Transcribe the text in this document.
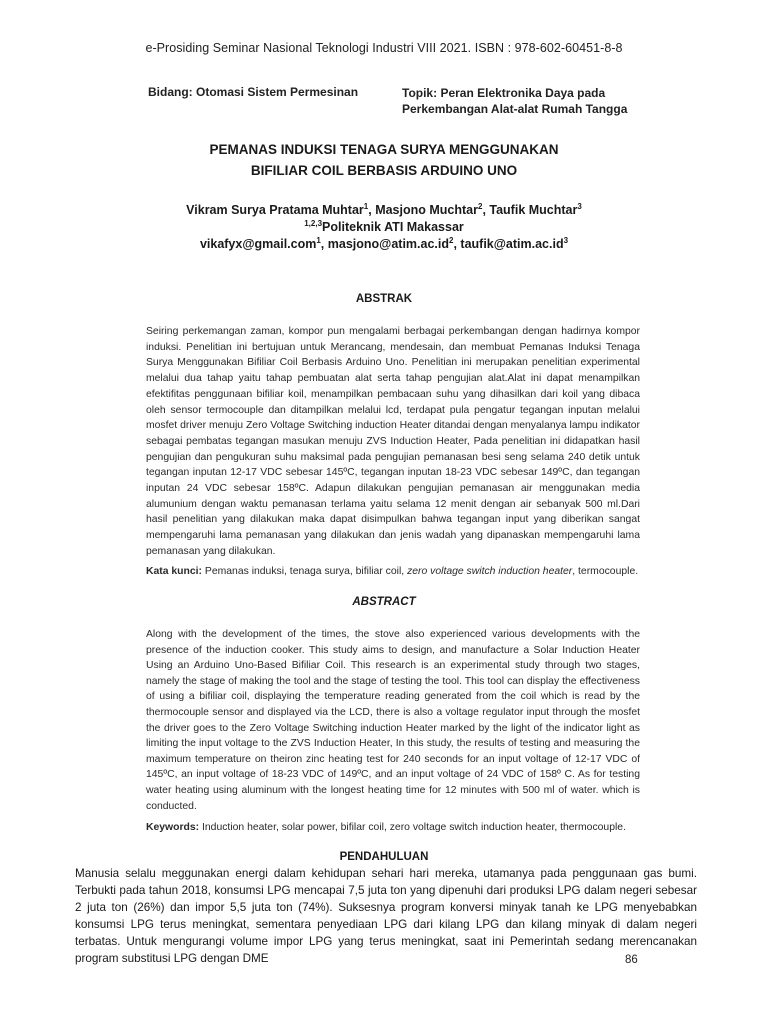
e-Prosiding Seminar Nasional Teknologi Industri VIII 2021. ISBN : 978-602-60451-8-8
Bidang: Otomasi Sistem Permesinan	Topik: Peran Elektronika Daya pada
Perkembangan Alat-alat Rumah Tangga
PEMANAS INDUKSI TENAGA SURYA MENGGUNAKAN
BIFILIAR COIL BERBASIS ARDUINO UNO
Vikram Surya Pratama Muhtar$^1$, Masjono Muchtar$^2$, Taufik Muchtar$^3$
$^{1,2,3}$Politeknik ATI Makassar
vikafyx@gmail.com$^1$, $masjono@atim.ac.id^2$, $taufik@atim.ac.id^3$
ABSTRAK
Seiring perkemangan zaman, kompor pun mengalami berbagai perkembangan dengan hadirnya kompor induksi. Penelitian ini bertujuan untuk Merancang, mendesain, dan membuat Pemanas Induksi Tenaga Surya Menggunakan Bifiliar Coil Berbasis Arduino Uno. Penelitian ini merupakan penelitian experimental melalui dua tahap yaitu tahap pembuatan alat serta tahap pengujian alat.Alat ini dapat menampilkan efektifitas penggunaan bifiliar koil, menampilkan pembacaan suhu yang dihasilkan dari koil yang dibaca oleh sensor termocouple dan ditampilkan melalui lcd, terdapat pula pengatur tegangan inputan melalui mosfet driver menuju Zero Voltage Switching induction Heater ditandai dengan menyalanya lampu indikator sebagai pembatas tegangan masukan menuju ZVS Induction Heater, Pada penelitian ini didapatkan hasil pengujian dan pengukuran suhu maksimal pada pengujian pemanasan besi seng selama 240 detik untuk tegangan inputan 12-17 VDC sebesar 145ºC, tegangan inputan 18-23 VDC sebesar 149ºC, dan tegangan inputan 24 VDC sebesar 158ºC. Adapun dilakukan pengujian pemanasan air menggunakan media alumunium dengan waktu pemanasan terlama yaitu selama 12 menit dengan air sebanyak 500 ml.Dari hasil penelitian yang dilakukan maka dapat disimpulkan bahwa tegangan input yang diberikan sangat mempengaruhi lama pemanasan yang dilakukan dan jenis wadah yang dipanaskan mempengaruhi lama pemanasan yang dilakukan.
Kata kunci: Pemanas induksi, tenaga surya, bifiliar coil, zero voltage switch induction heater, termocouple.
ABSTRACT
Along with the development of the times, the stove also experienced various developments with the presence of the induction cooker. This study aims to design, and manufacture a Solar Induction Heater Using an Arduino Uno-Based Bifiliar Coil. This research is an experimental study through two stages, namely the stage of making the tool and the stage of testing the tool. This tool can display the effectiveness of using a bifiliar coil, displaying the temperature reading generated from the coil which is read by the thermocouple sensor and displayed via the LCD, there is also a voltage regulator input through the mosfet the driver goes to the Zero Voltage Switching induction Heater marked by the light of the indicator light as limiting the input voltage to the ZVS Induction Heater, In this study, the results of testing and measuring the maximum temperature on theiron zinc heating test for 240 seconds for an input voltage of 12-17 VDC of 145ºC, an input voltage of 18-23 VDC of 149ºC, and an input voltage of 24 VDC of 158º C. As for testing water heating using aluminum with the longest heating time for 12 minutes with 500 ml of water. which is conducted.
Keywords: Induction heater, solar power, bifilar coil, zero voltage switch induction heater, thermocouple.
PENDAHULUAN
Manusia selalu meggunakan energi dalam kehidupan sehari hari mereka, utamanya pada penggunaan gas bumi. Terbukti pada tahun 2018, konsumsi LPG mencapai 7,5 juta ton yang dipenuhi dari produksi LPG dalam negeri sebesar 2 juta ton (26%) dan impor 5,5 juta ton (74%). Suksesnya program konversi minyak tanah ke LPG menyebabkan konsumsi LPG terus meningkat, sementara penyediaan LPG dari kilang LPG dan kilang minyak di dalam negeri terbatas. Untuk mengurangi volume impor LPG yang terus meningkat, saat ini Pemerintah sedang merencanakan program substitusi LPG dengan DME	86
